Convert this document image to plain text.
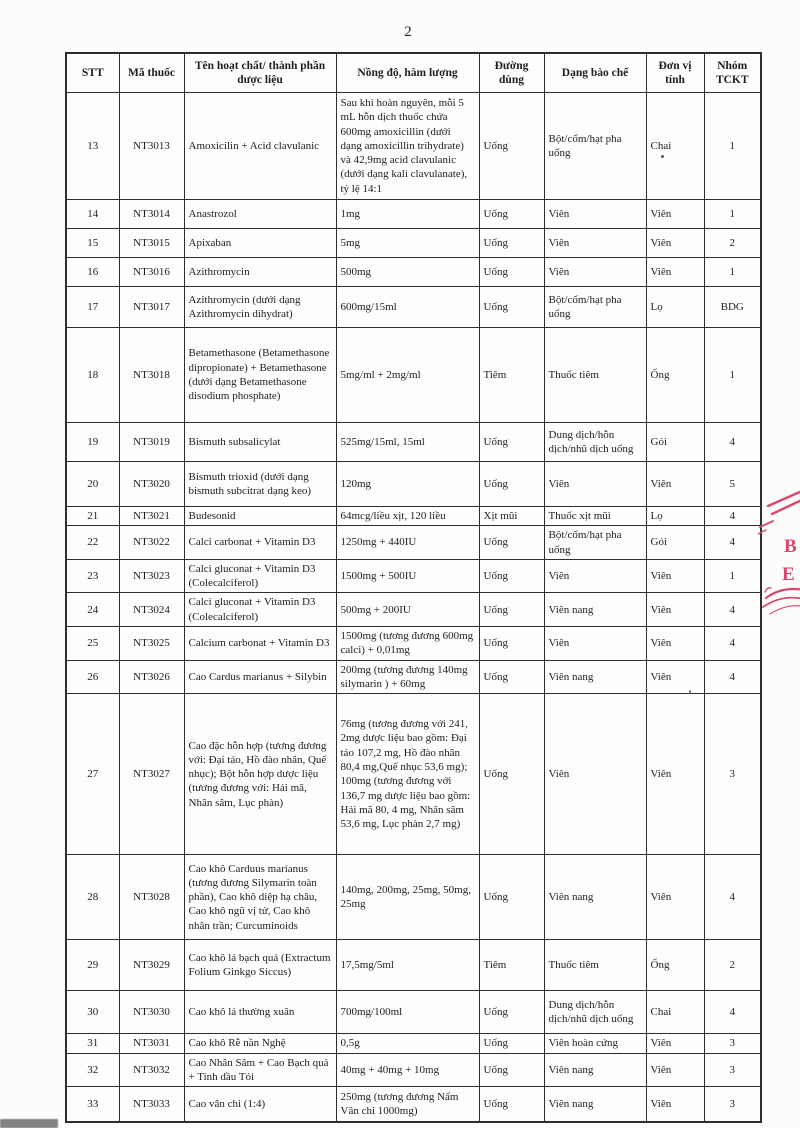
2
STT	Mã thuốc	Tên hoạt chất/ thành phần dược liệu	Nồng độ, hàm lượng	Đường dùng	Dạng bào chế	Đơn vị tính	Nhóm TCKT
13	NT3013	Amoxicilin + Acid clavulanic	Sau khi hoàn nguyên, mỗi 5 mL hỗn dịch thuốc chứa 600mg amoxicillin (dưới dạng amoxicillin trihydrate) và 42,9mg acid clavulanic (dưới dạng kali clavulanate), tỷ lệ 14:1	Uống	Bột/cốm/hạt pha uống	Chai	1
14	NT3014	Anastrozol	1mg	Uống	Viên	Viên	1
15	NT3015	Apixaban	5mg	Uống	Viên	Viên	2
16	NT3016	Azithromycin	500mg	Uống	Viên	Viên	1
17	NT3017	Azithromycin (dưới dạng Azithromycin dihydrat)	600mg/15ml	Uống	Bột/cốm/hạt pha uống	Lọ	BDG
18	NT3018	Betamethasone (Betamethasone dipropionate) + Betamethasone (dưới dạng Betamethasone disodium phosphate)	5mg/ml + 2mg/ml	Tiêm	Thuốc tiêm	Ống	1
19	NT3019	Bismuth subsalicylat	525mg/15ml, 15ml	Uống	Dung dịch/hỗn dịch/nhũ dịch uống	Gói	4
20	NT3020	Bismuth trioxid (dưới dạng bismuth subcitrat dạng keo)	120mg	Uống	Viên	Viên	5
21	NT3021	Budesonid	64mcg/liều xịt, 120 liều	Xịt mũi	Thuốc xịt mũi	Lọ	4
22	NT3022	Calci carbonat + Vitamin D3	1250mg + 440IU	Uống	Bột/cốm/hạt pha uống	Gói	4
23	NT3023	Calci gluconat + Vitamin D3 (Colecalciferol)	1500mg + 500IU	Uống	Viên	Viên	1
24	NT3024	Calci gluconat + Vitamin D3 (Colecalciferol)	500mg + 200IU	Uống	Viên nang	Viên	4
25	NT3025	Calcium carbonat + Vitamin D3	1500mg (tương đương 600mg calci) + 0,01mg	Uống	Viên	Viên	4
26	NT3026	Cao Cardus marianus + Silybin	200mg (tương đương 140mg silymarin ) + 60mg	Uống	Viên nang	Viên	4
27	NT3027	Cao đặc hỗn hợp (tương đương với: Đại táo, Hồ đào nhân, Quế nhục); Bột hỗn hợp dược liệu (tương đương với: Hải mã, Nhân sâm, Lục phàn)	76mg (tương đương với 241, 2mg dược liệu bao gồm: Đại táo 107,2 mg, Hồ đào nhân 80,4 mg,Quế nhục 53,6 mg); 100mg (tương đương với 136,7 mg dược liệu bao gồm: Hải mã 80, 4 mg, Nhân sâm 53,6 mg, Lục phàn 2,7 mg)	Uống	Viên	Viên	3
28	NT3028	Cao khô Carduus marianus (tương đương Silymarin toàn phần), Cao khô diệp hạ châu, Cao khô ngũ vị tử, Cao khô nhân trần; Curcuminoids	140mg, 200mg, 25mg, 50mg, 25mg	Uống	Viên nang	Viên	4
29	NT3029	Cao khô lá bạch quả (Extractum Folium Ginkgo Siccus)	17,5mg/5ml	Tiêm	Thuốc tiêm	Ống	2
30	NT3030	Cao khô lá thường xuân	700mg/100ml	Uống	Dung dịch/hỗn dịch/nhũ dịch uống	Chai	4
31	NT3031	Cao khô Rễ nần Nghệ	0,5g	Uống	Viên hoàn cứng	Viên	3
32	NT3032	Cao Nhân Sâm + Cao Bạch quả + Tinh dầu Tỏi	40mg + 40mg + 10mg	Uống	Viên nang	Viên	3
33	NT3033	Cao vân chi (1:4)	250mg (tương đương Nấm Vân chi 1000mg)	Uống	Viên nang	Viên	3
B
E
